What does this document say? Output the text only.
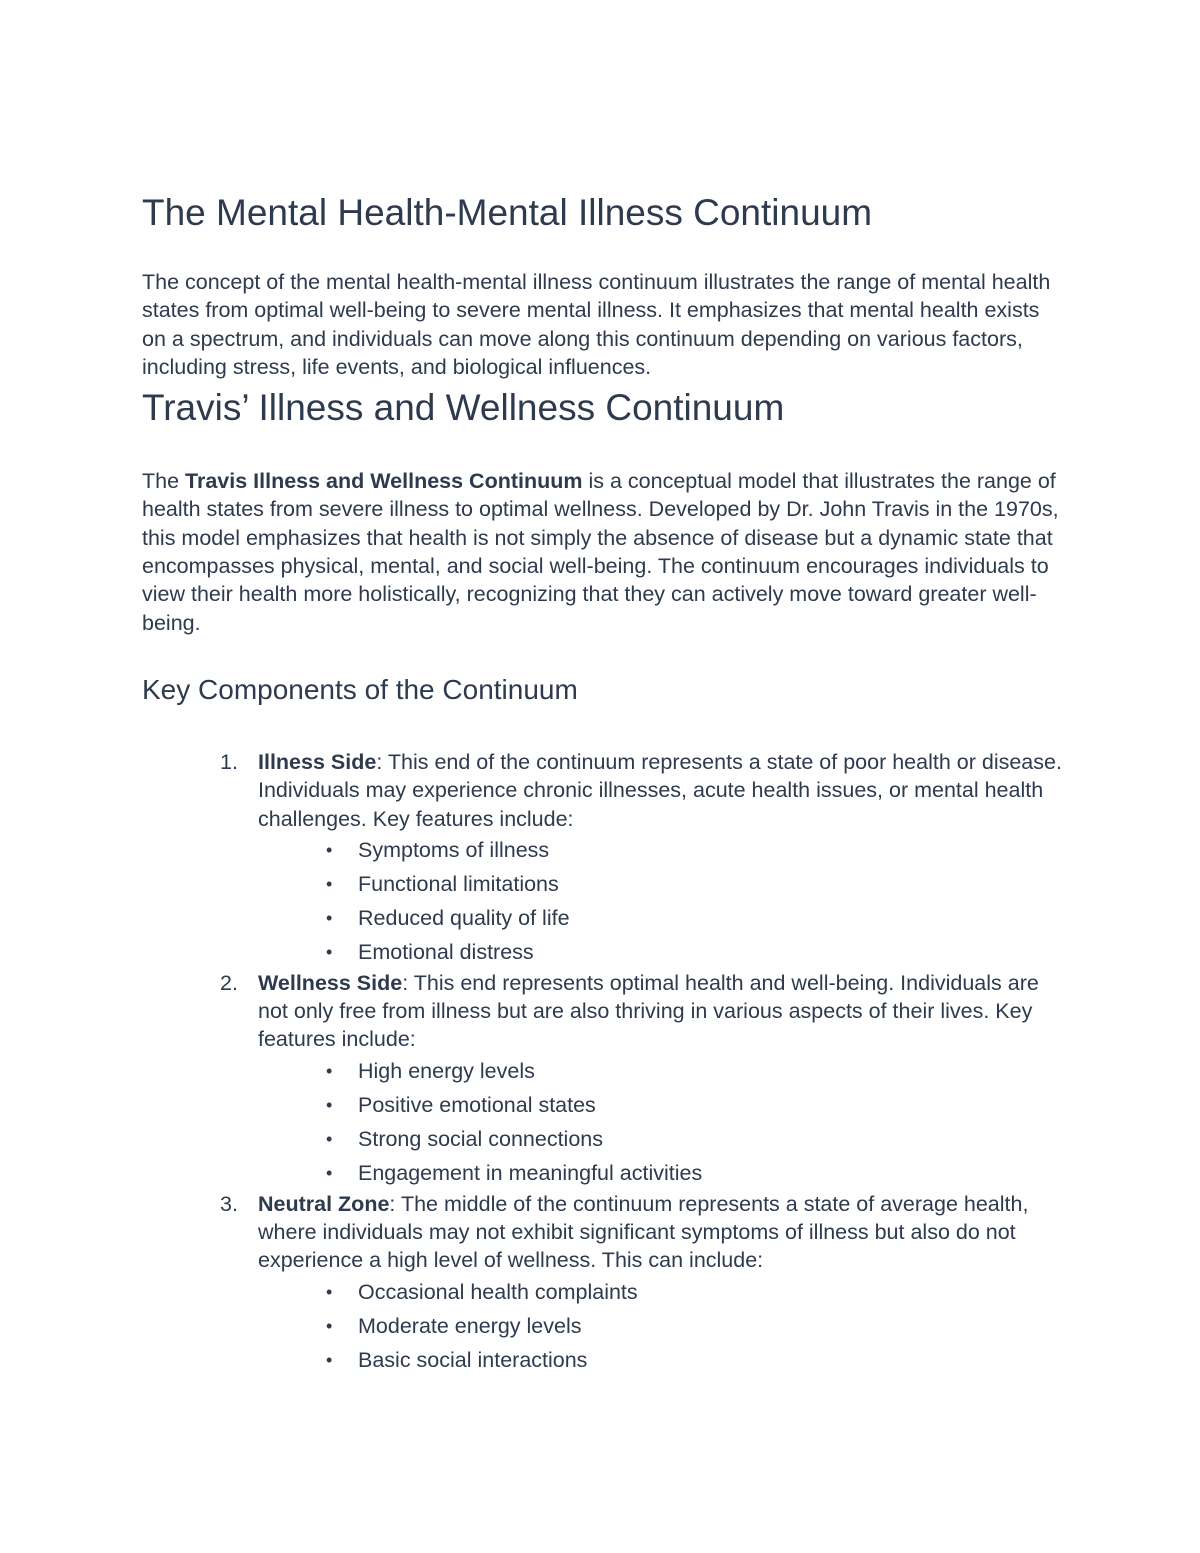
The Mental Health-Mental Illness Continuum

The concept of the mental health-mental illness continuum illustrates the range of mental health states from optimal well-being to severe mental illness. It emphasizes that mental health exists on a spectrum, and individuals can move along this continuum depending on various factors, including stress, life events, and biological influences.

Travis’ Illness and Wellness Continuum

The Travis Illness and Wellness Continuum is a conceptual model that illustrates the range of health states from severe illness to optimal wellness. Developed by Dr. John Travis in the 1970s, this model emphasizes that health is not simply the absence of disease but a dynamic state that encompasses physical, mental, and social well-being. The continuum encourages individuals to view their health more holistically, recognizing that they can actively move toward greater well-being.

Key Components of the Continuum
1. Illness Side: This end of the continuum represents a state of poor health or disease. Individuals may experience chronic illnesses, acute health issues, or mental health challenges. Key features include:
• Symptoms of illness
• Functional limitations
• Reduced quality of life
• Emotional distress
2. Wellness Side: This end represents optimal health and well-being. Individuals are not only free from illness but are also thriving in various aspects of their lives. Key features include:
• High energy levels
• Positive emotional states
• Strong social connections
• Engagement in meaningful activities
3. Neutral Zone: The middle of the continuum represents a state of average health, where individuals may not exhibit significant symptoms of illness but also do not experience a high level of wellness. This can include:
• Occasional health complaints
• Moderate energy levels
• Basic social interactions
